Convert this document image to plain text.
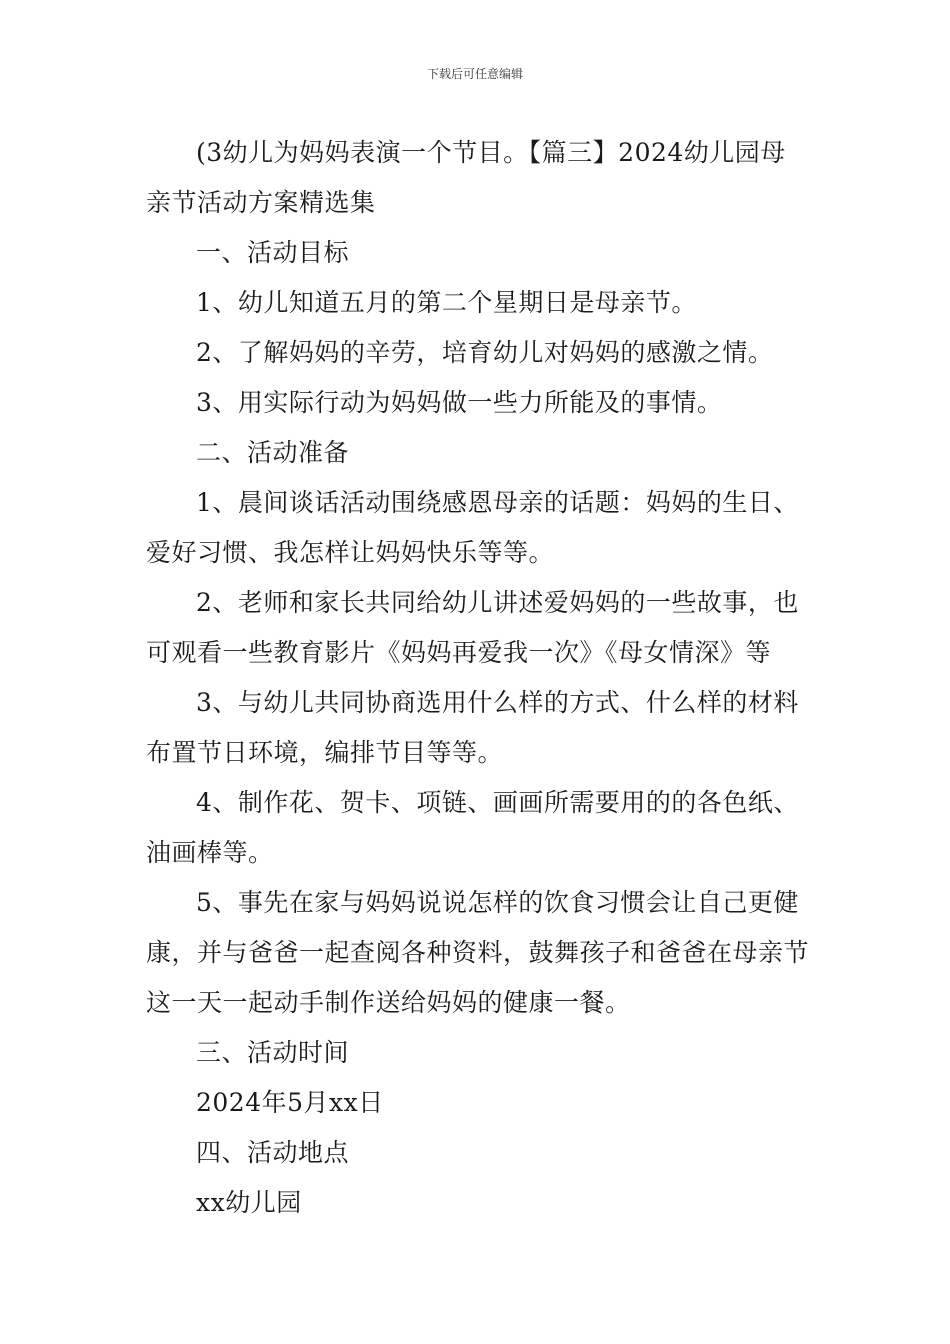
下载后可任意编辑

(3幼儿为妈妈表演一个节目。【篇三】2024幼儿园母亲节活动方案精选集

一、活动目标

1、幼儿知道五月的第二个星期日是母亲节。

2、了解妈妈的辛劳，培育幼儿对妈妈的感激之情。

3、用实际行动为妈妈做一些力所能及的事情。

二、活动准备

1、晨间谈话活动围绕感恩母亲的话题：妈妈的生日、爱好习惯、我怎样让妈妈快乐等等。

2、老师和家长共同给幼儿讲述爱妈妈的一些故事，也可观看一些教育影片《妈妈再爱我一次》《母女情深》等

3、与幼儿共同协商选用什么样的方式、什么样的材料布置节日环境，编排节目等等。

4、制作花、贺卡、项链、画画所需要用的的各色纸、油画棒等。

5、事先在家与妈妈说说怎样的饮食习惯会让自己更健康，并与爸爸一起查阅各种资料，鼓舞孩子和爸爸在母亲节这一天一起动手制作送给妈妈的健康一餐。

三、活动时间

2024年5月xx日

四、活动地点

xx幼儿园
